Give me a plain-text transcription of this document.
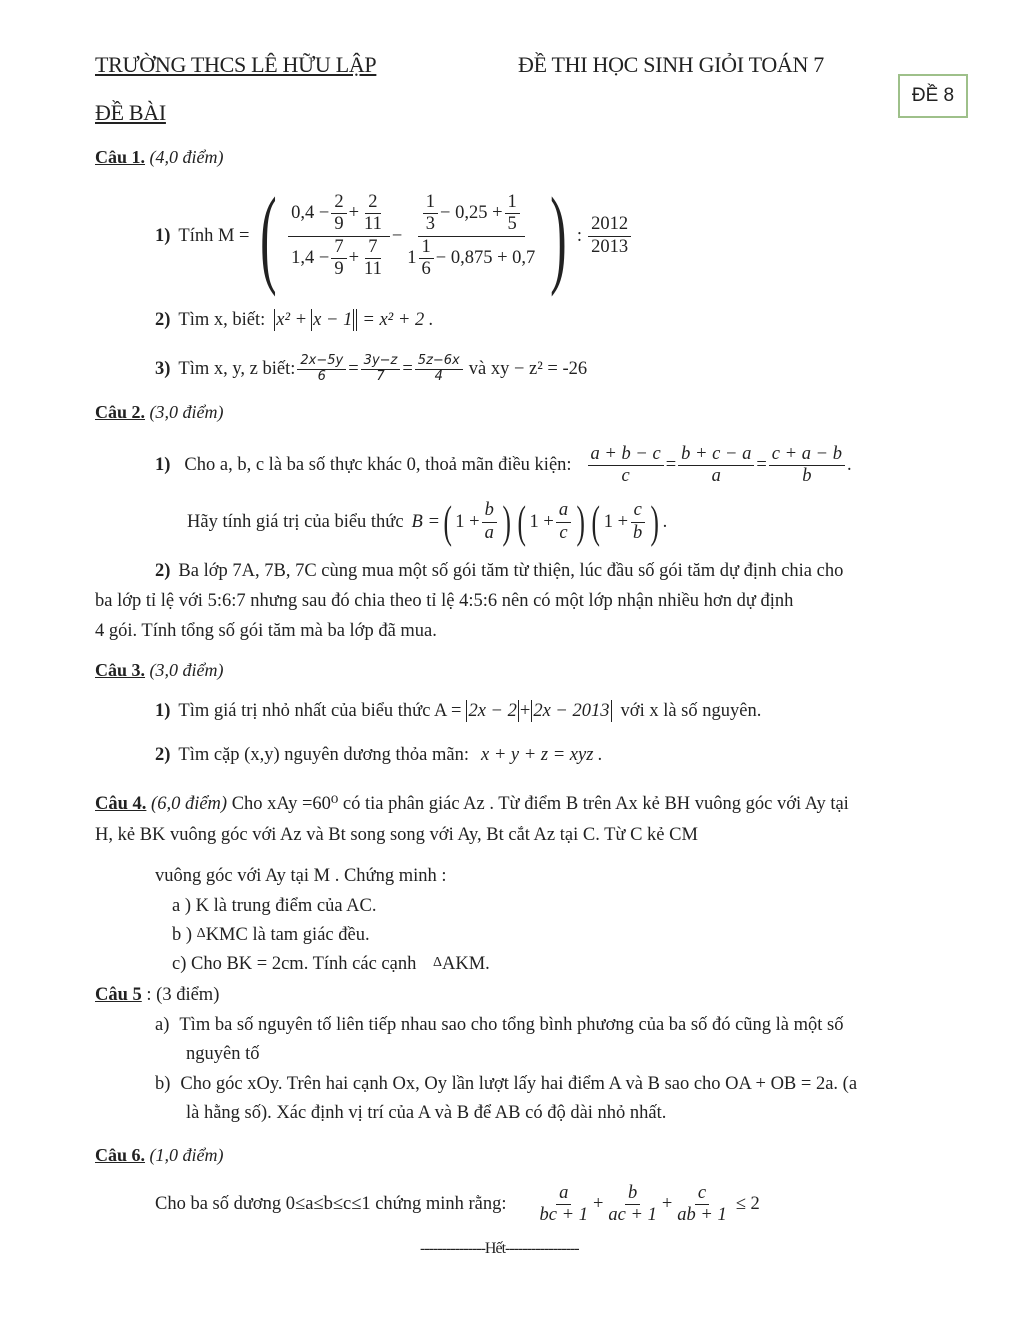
TRƯỜNG THCS LÊ HỮU LẬP	ĐỀ THI HỌC SINH GIỎI TOÁN 7
ĐỀ BÀI
ĐỀ 8
Câu 1. (4,0 điểm)
1) Tính M = ( $\frac{0,4 - \frac{2}{9} + \frac{2}{11}}{1,4 - \frac{7}{9} + \frac{7}{11}} - \frac{\frac{1}{3} - 0,25 + \frac{1}{5}}{1 \frac{1}{6} - 0,875 + 0,7}$ ) : $\frac{2012}{2013}$
2) Tìm x, biết: x² + x − 1 = x² + 2 .
3) Tìm x, y, z biết: $\frac{2x-5y}{6} = \frac{3y-z}{7} = \frac{5z-6x}{4}$ và xy − z² = -26
Câu 2. (3,0 điểm)
1) Cho a, b, c là ba số thực khác 0, thoả mãn điều kiện: $\frac{a + b - c}{c} = \frac{b + c - a}{a} = \frac{c + a - b}{b}$ .
Hãy tính giá trị của biểu thức B = ( $1 + \frac{b}{a}$ ) ( $1 + \frac{a}{c}$ ) ( $1 + \frac{c}{b}$ ) .
2) Ba lớp 7A, 7B, 7C cùng mua một số gói tăm từ thiện, lúc đầu số gói tăm dự định chia cho
ba lớp tỉ lệ với 5:6:7 nhưng sau đó chia theo tỉ lệ 4:5:6 nên có một lớp nhận nhiều hơn dự định
4 gói. Tính tổng số gói tăm mà ba lớp đã mua.
Câu 3. (3,0 điểm)
1) Tìm giá trị nhỏ nhất của biểu thức A = 2x − 2 + 2x − 2013 với x là số nguyên.
2) Tìm cặp (x,y) nguyên dương thỏa mãn: x + y + z = xyz .
Câu 4. (6,0 điểm) Cho xAy =60⁰ có tia phân giác Az . Từ điểm B trên Ax kẻ BH vuông góc với Ay tại
H, kẻ BK vuông góc với Az và Bt song song với Ay, Bt cắt Az tại C. Từ C kẻ CM
vuông góc với Ay tại M . Chứng minh :
a ) K là trung điểm của AC.
b ) ΔKMC là tam giác đều.
c) Cho BK = 2cm. Tính các cạnh ΔAKM.
Câu 5 : (3 điểm)
a) Tìm ba số nguyên tố liên tiếp nhau sao cho tổng bình phương của ba số đó cũng là một số
nguyên tố
b) Cho góc xOy. Trên hai cạnh Ox, Oy lần lượt lấy hai điểm A và B sao cho OA + OB = 2a. (a
là hằng số). Xác định vị trí của A và B để AB có độ dài nhỏ nhất.
Câu 6. (1,0 điểm)
Cho ba số dương 0≤a≤b≤c≤1 chứng minh rằng: $\frac{a}{bc + 1} + \frac{b}{ac + 1} + \frac{c}{ab + 1} \le 2$
---------------Hết-----------------
